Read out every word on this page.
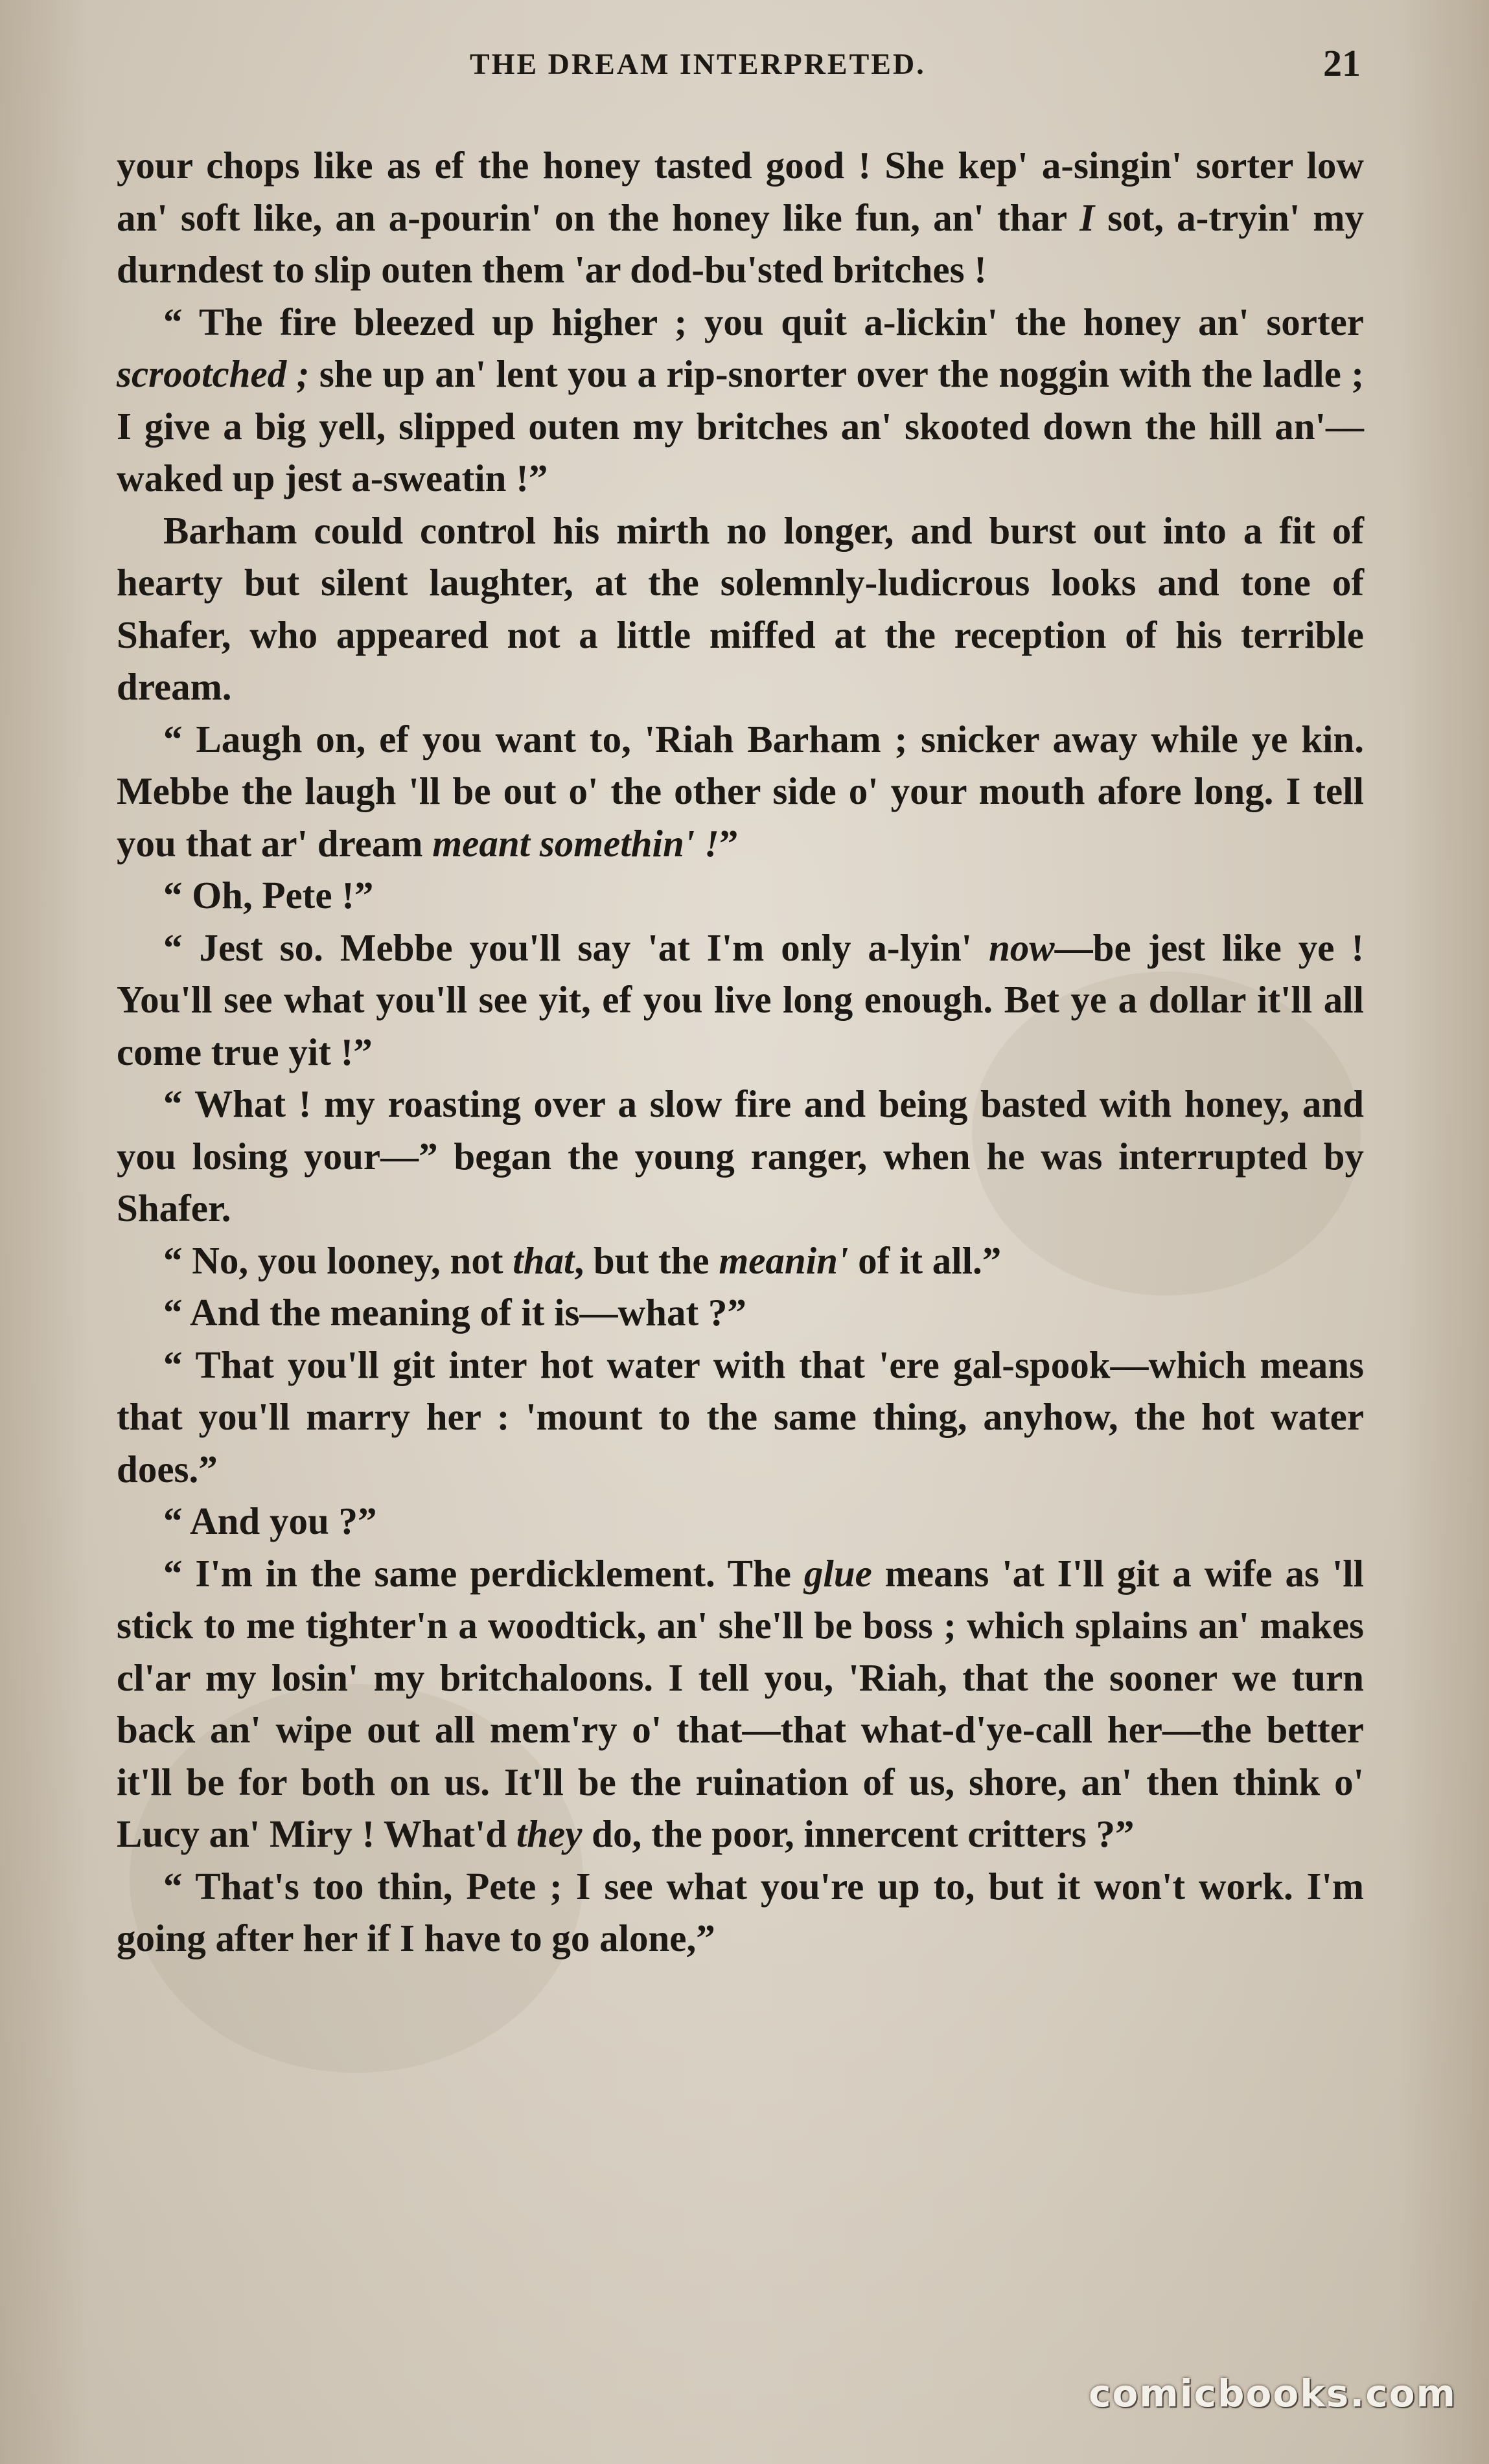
THE DREAM INTERPRETED.	21

your chops like as ef the honey tasted good ! She kep' a-singin' sorter low an' soft like, an a-pourin' on the honey like fun, an' thar I sot, a-tryin' my durndest to slip outen them 'ar dod-bu'sted britches !

“ The fire bleezed up higher ; you quit a-lickin' the honey an' sorter scrootched ; she up an' lent you a rip-snorter over the noggin with the ladle ; I give a big yell, slipped outen my britches an' skooted down the hill an'—waked up jest a-sweatin !”

Barham could control his mirth no longer, and burst out into a fit of hearty but silent laughter, at the solemnly-ludicrous looks and tone of Shafer, who appeared not a little miffed at the reception of his terrible dream.

“ Laugh on, ef you want to, 'Riah Barham ; snicker away while ye kin. Mebbe the laugh 'll be out o' the other side o' your mouth afore long. I tell you that ar' dream meant somethin' !”

“ Oh, Pete !”

“ Jest so. Mebbe you'll say 'at I'm only a-lyin' now—be jest like ye ! You'll see what you'll see yit, ef you live long enough. Bet ye a dollar it'll all come true yit !”

“ What ! my roasting over a slow fire and being basted with honey, and you losing your—” began the young ranger, when he was interrupted by Shafer.

“ No, you looney, not that, but the meanin' of it all.”

“ And the meaning of it is—what ?”

“ That you'll git inter hot water with that 'ere gal-spook—which means that you'll marry her : 'mount to the same thing, anyhow, the hot water does.”

“ And you ?”

“ I'm in the same perdicklement. The glue means 'at I'll git a wife as 'll stick to me tighter'n a woodtick, an' she'll be boss ; which splains an' makes cl'ar my losin' my britchaloons. I tell you, 'Riah, that the sooner we turn back an' wipe out all mem'ry o' that—that what-d'ye-call her—the better it'll be for both on us. It'll be the ruination of us, shore, an' then think o' Lucy an' Miry ! What'd they do, the poor, innercent critters ?”

“ That's too thin, Pete ; I see what you're up to, but it won't work. I'm going after her if I have to go alone,”

comicbooks.com
